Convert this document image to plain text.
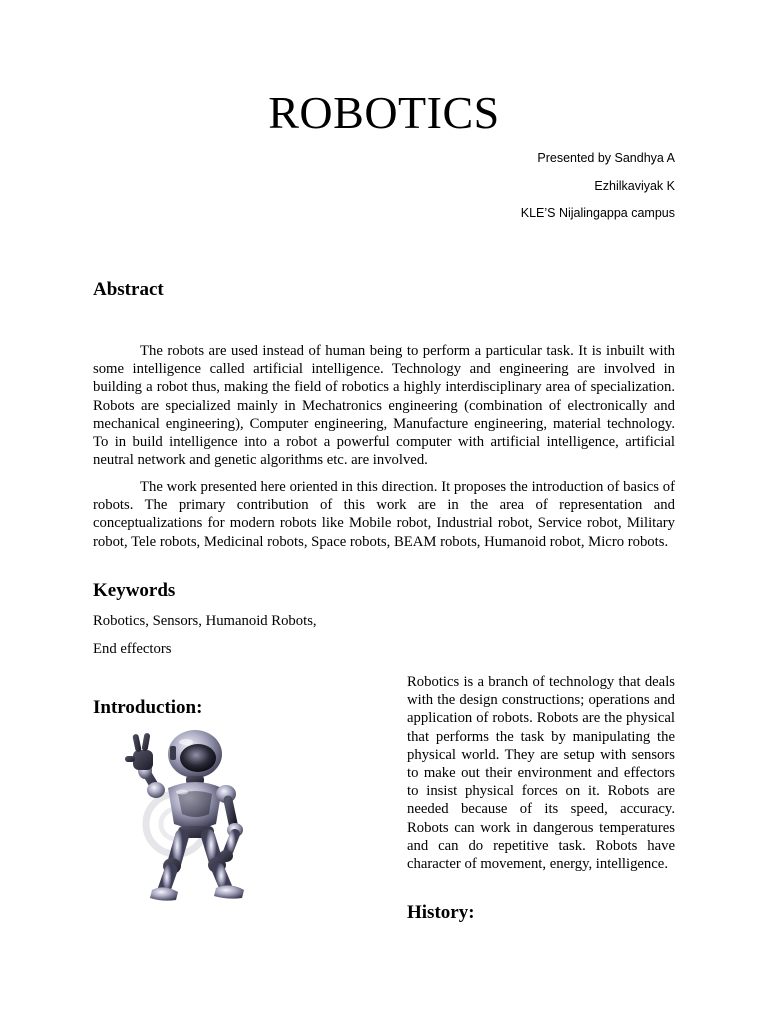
ROBOTICS
Presented by Sandhya A
Ezhilkaviyak K
KLE’S Nijalingappa campus
Abstract

The robots are used instead of human being to perform a particular task. It is inbuilt with some intelligence called artificial intelligence. Technology and engineering are involved in building a robot thus, making the field of robotics a highly interdisciplinary area of specialization. Robots are specialized mainly in Mechatronics engineering (combination of electronically and mechanical engineering), Computer engineering, Manufacture engineering, material technology. To in build intelligence into a robot a powerful computer with artificial intelligence, artificial neutral network and genetic algorithms etc. are involved.

The work presented here oriented in this direction. It proposes the introduction of basics of robots. The primary contribution of this work are in the area of representation and conceptualizations for modern robots like Mobile robot, Industrial robot, Service robot, Military robot, Tele robots, Medicinal robots, Space robots, BEAM robots, Humanoid robot, Micro robots.

Keywords
Robotics, Sensors, Humanoid Robots,
End effectors
Introduction:

Robotics is a branch of technology that deals with the design constructions; operations and application of robots. Robots are the physical that performs the task by manipulating the physical world. They are setup with sensors to make out their environment and effectors to insist physical forces on it. Robots are needed because of its speed, accuracy. Robots can work in dangerous temperatures and can do repetitive task. Robots have character of movement, energy, intelligence.

History:
